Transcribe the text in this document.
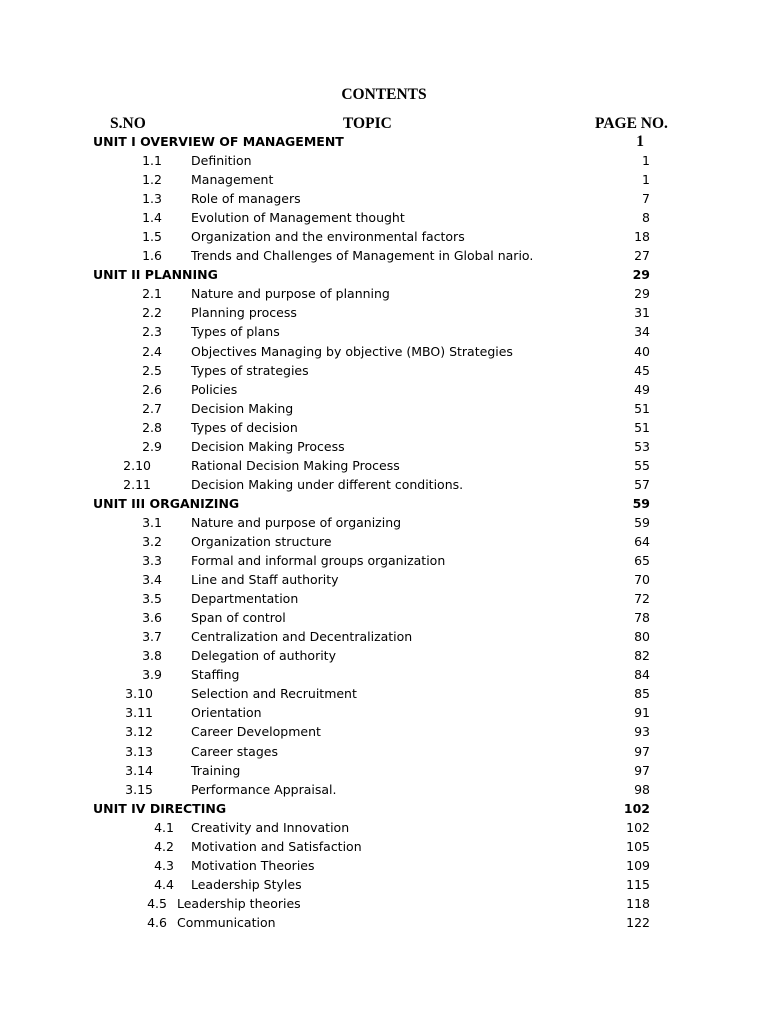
CONTENTS
S.NO	TOPIC	PAGE NO.
UNIT I OVERVIEW OF MANAGEMENT	1
1.1 Definition	1
1.2 Management	1
1.3 Role of managers	7
1.4 Evolution of Management thought	8
1.5 Organization and the environmental factors	18
1.6 Trends and Challenges of Management in Global nario.	27
UNIT II PLANNING	29
2.1 Nature and purpose of planning	29
2.2 Planning process	31
2.3 Types of plans	34
2.4 Objectives Managing by objective (MBO) Strategies	40
2.5 Types of strategies	45
2.6 Policies	49
2.7 Decision Making	51
2.8 Types of decision	51
2.9 Decision Making Process	53
2.10	Rational Decision Making Process	55
2.11	Decision Making under different conditions.	57
UNIT III ORGANIZING	59
3.1 Nature and purpose of organizing	59
3.2 Organization structure	64
3.3 Formal and informal groups organization	65
3.4 Line and Staff authority	70
3.5 Departmentation	72
3.6 Span of control	78
3.7 Centralization and Decentralization	80
3.8 Delegation of authority	82
3.9 Staffing	84
3.10	Selection and Recruitment	85
3.11	Orientation	91
3.12	Career Development	93
3.13	Career stages	97
3.14	Training	97
3.15	Performance Appraisal.	98
UNIT IV DIRECTING	102
4.1 Creativity and Innovation	102
4.2 Motivation and Satisfaction	105
4.3 Motivation Theories	109
4.4 Leadership Styles	115
4.5 Leadership theories	118
4.6 Communication	122
